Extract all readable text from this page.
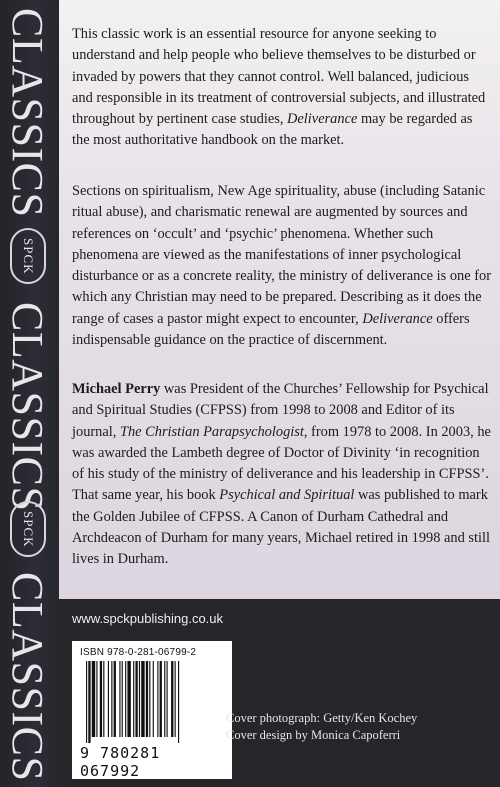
CLASSICS
SPCK
CLASSICS
SPCK
CLASSICS

This classic work is an essential resource for anyone seeking to understand and help people who believe themselves to be disturbed or invaded by powers that they cannot control. Well balanced, judicious and responsible in its treatment of controversial subjects, and illustrated throughout by pertinent case studies, Deliverance may be regarded as the most authoritative handbook on the market.

Sections on spiritualism, New Age spirituality, abuse (including Satanic ritual abuse), and charismatic renewal are augmented by sources and references on ‘occult’ and ‘psychic’ phenomena. Whether such phenomena are viewed as the manifestations of inner psychological disturbance or as a concrete reality, the ministry of deliverance is one for which any Christian may need to be prepared. Describing as it does the range of cases a pastor might expect to encounter, Deliverance offers indispensable guidance on the practice of discernment.

Michael Perry was President of the Churches’ Fellowship for Psychical and Spiritual Studies (CFPSS) from 1998 to 2008 and Editor of its journal, The Christian Parapsychologist, from 1978 to 2008. In 2003, he was awarded the Lambeth degree of Doctor of Divinity ‘in recognition of his study of the ministry of deliverance and his leadership in CFPSS’. That same year, his book Psychical and Spiritual was published to mark the Golden Jubilee of CFPSS. A Canon of Durham Cathedral and Archdeacon of Durham for many years, Michael retired in 1998 and still lives in Durham.

www.spckpublishing.co.uk
ISBN 978-0-281-06799-2
9 780281 067992
Cover photograph: Getty/Ken Kochey
Cover design by Monica Capoferri
